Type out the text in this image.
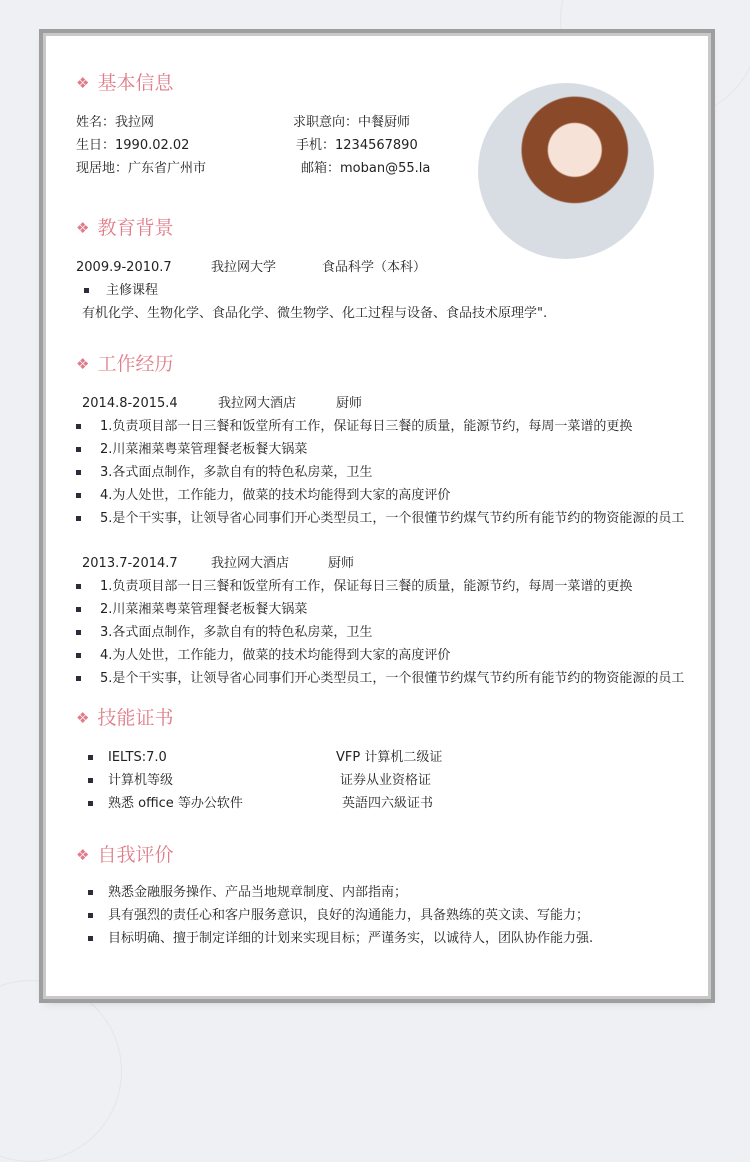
❖ 基本信息
姓名：我拉网	求职意向：中餐厨师
生日：1990.02.02	手机：1234567890
现居地：广东省广州市	邮箱：moban@55.la
❖ 教育背景
2009.9-2010.7	我拉网大学	食品科学（本科）
主修课程
有机化学、生物化学、食品化学、微生物学、化工过程与设备、食品技术原理学".
❖ 工作经历
2014.8-2015.4	我拉网大酒店	厨师
1.负责项目部一日三餐和饭堂所有工作，保证每日三餐的质量，能源节约，每周一菜谱的更换
2.川菜湘菜粤菜管理餐老板餐大锅菜
3.各式面点制作，多款自有的特色私房菜，卫生
4.为人处世，工作能力，做菜的技术均能得到大家的高度评价
5.是个干实事，让领导省心同事们开心类型员工，一个很懂节约煤气节约所有能节约的物资能源的员工
2013.7-2014.7	我拉网大酒店	厨师
1.负责项目部一日三餐和饭堂所有工作，保证每日三餐的质量，能源节约，每周一菜谱的更换
2.川菜湘菜粤菜管理餐老板餐大锅菜
3.各式面点制作，多款自有的特色私房菜，卫生
4.为人处世，工作能力，做菜的技术均能得到大家的高度评价
5.是个干实事，让领导省心同事们开心类型员工，一个很懂节约煤气节约所有能节约的物资能源的员工
❖ 技能证书
IELTS:7.0	VFP 计算机二级证
计算机等级	证券从业资格证
熟悉 office 等办公软件	英語四六級证书
❖ 自我评价
熟悉金融服务操作、产品当地规章制度、内部指南；
具有强烈的责任心和客户服务意识，良好的沟通能力，具备熟练的英文读、写能力；
目标明确、擅于制定详细的计划来实现目标；严谨务实，以诚待人，团队协作能力强.
